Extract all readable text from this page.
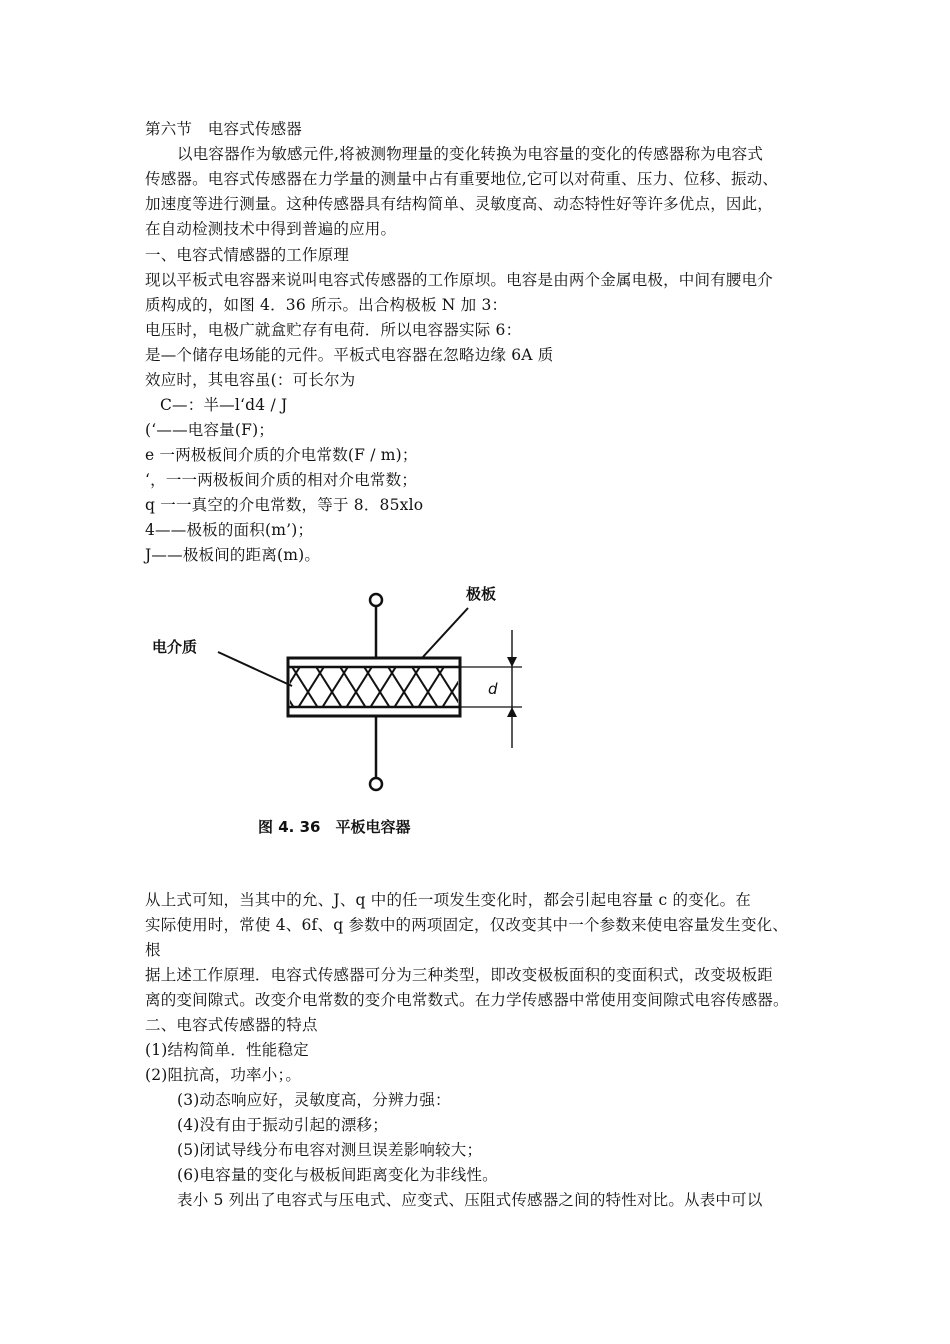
第六节　电容式传感器
以电容器作为敏感元件,将被测物理量的变化转换为电容量的变化的传感器称为电容式
传感器。电容式传感器在力学量的测量中占有重要地位,它可以对荷重、压力、位移、振动、
加速度等进行测量。这种传感器具有结构简单、灵敏度高、动态特性好等许多优点，因此，
在自动检测技术中得到普遍的应用。
一、电容式情感器的工作原理
现以平板式电容器来说叫电容式传感器的工作原坝。电容是由两个金属电极，中间有腰电介
质构成的，如图 4．36 所示。出合构极板 N 加 3：
电压时，电极广就盒贮存有电荷．所以电容器实际 6：
是—个储存电场能的元件。平板式电容器在忽略边缘 6A 质
效应时，其电容虽(：可长尔为
C—：半—l‘d4 / J
(‘——电容量(F)；
e 一两极板间介质的介电常数(F / m)；
‘，一一两极板间介质的相对介电常数；
q 一一真空的介电常数，等于 8．85xlo
4——极板的面积(m’)；
J——极板间的距离(m)。
极板
电介质
d
图 4. 36　平板电容器
从上式可知，当其中的允、J、q 中的任一项发生变化时，都会引起电容量 c 的变化。在
实际使用时，常使 4、6f、q 参数中的两项固定，仅改变其中一个参数来使电容量发生变化、
根
据上述工作原理．电容式传感器可分为三种类型，即改变极板面积的变面积式，改变圾板距
离的变间隙式。改变介电常数的变介电常数式。在力学传感器中常使用变间隙式电容传感器。
二、电容式传感器的特点
(1)结构简单．性能稳定
(2)阻抗高，功率小；。
(3)动态响应好，灵敏度高，分辨力强：
(4)没有由于振动引起的漂移；
(5)闭试导线分布电容对测旦误差影响较大；
(6)电容量的变化与极板间距离变化为非线性。
表小 5 列出了电容式与压电式、应变式、压阻式传感器之间的特性对比。从表中可以
